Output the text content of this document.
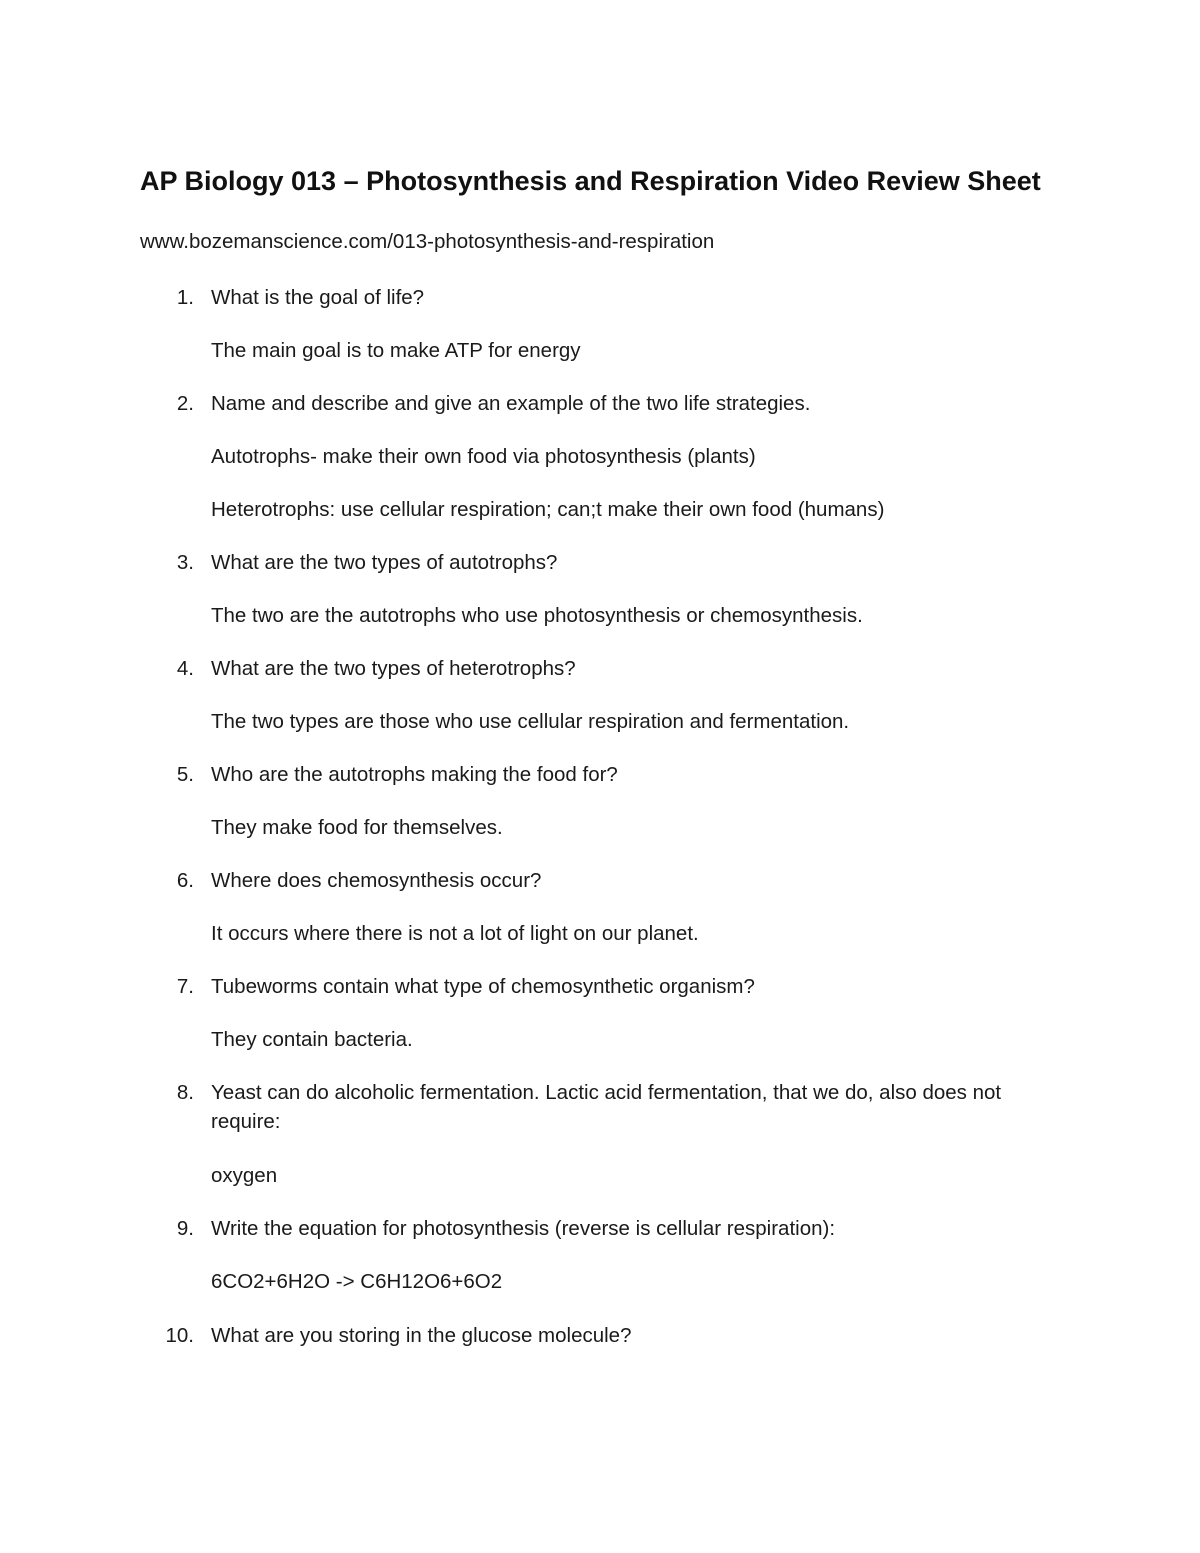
AP Biology 013 – Photosynthesis and Respiration Video Review Sheet

www.bozemanscience.com/013-photosynthesis-and-respiration

1. What is the goal of life?

The main goal is to make ATP for energy

2. Name and describe and give an example of the two life strategies.

Autotrophs- make their own food via photosynthesis (plants)

Heterotrophs: use cellular respiration; can;t make their own food (humans)

3. What are the two types of autotrophs?

The two are the autotrophs who use photosynthesis or chemosynthesis.

4. What are the two types of heterotrophs?

The two types are those who use cellular respiration and fermentation.

5. Who are the autotrophs making the food for?

They make food for themselves.

6. Where does chemosynthesis occur?

It occurs where there is not a lot of light on our planet.

7. Tubeworms contain what type of chemosynthetic organism?

They contain bacteria.

8. Yeast can do alcoholic fermentation. Lactic acid fermentation, that we do, also does not require:

oxygen

9. Write the equation for photosynthesis (reverse is cellular respiration):

6CO2+6H2O -> C6H12O6+6O2

10. What are you storing in the glucose molecule?
